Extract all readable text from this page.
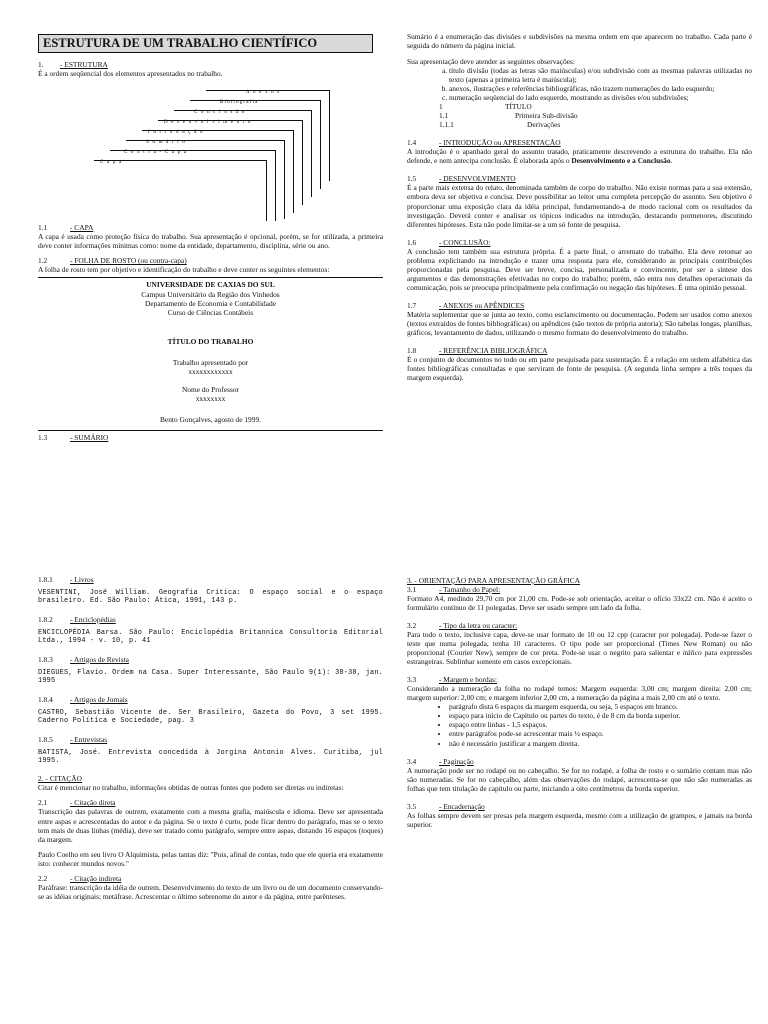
ESTRUTURA DE UM TRABALHO CIENTÍFICO
1.	- ESTRUTURA

É a ordem seqüencial dos elementos apresentados no trabalho.

A n e x o s
Bibliografia
C o n c l u s ã o
D e s e n v o l v i m e n t o
I n t r o d u ç ã o
S u m á r i o
C o n t r a - C a p a
C a p a
1.1	- CAPA

A capa é usada como proteção física do trabalho. Sua apresentação é opcional, porém, se for utilizada, a primeira deve conter informações mínimas como: nome da entidade, departamento, disciplina, série ou ano.

1.2	- FOLHA DE ROSTO (ou contra-capa)

A folha de rosto tem por objetivo e identificação do trabalho e deve conter os seguintes elementos:

UNIVERSIDADE DE CAXIAS DO SUL

Campus Universitário da Região dos Vinhedos

Departamento de Economia e Contabilidade

Curso de Ciências Contábeis

TÍTULO DO TRABALHO

Trabalho apresentado por

xxxxxxxxxxxx

Nome do Professor

xxxxxxxx

Bento Gonçalves, agosto de 1999.

1.3	- SUMÁRIO

Sumário é a enumeração das divisões e subdivisões na mesma ordem em que aparecem no trabalho. Cada parte é seguida do número da página inicial.

Sua apresentação deve atender as seguintes observações:

a. título divisão (todas as letras são maiúsculas) e/ou subdivisão com as mesmas palavras utilizadas no texto (apenas a primeira letra é maiúscula);
b. anexos, ilustrações e referências bibliográficas, não trazem numerações do lado esquerdo;
c. numeração seqüencial do lado esquerdo, mostrando as divisões e/ou subdivisões;
1	TÍTULO
1.1	Primeira Sub-divisão
1.1.1	Derivações
1.4	- INTRODUÇÃO ou APRESENTAÇÃO

A introdução é o apanhado geral do assunto tratado, praticamente descrevendo a estrutura do trabalho. Ela não defende, e nem antecipa conclusão. É elaborada após o Desenvolvimento e a Conclusão.

1.5	- DESENVOLVIMENTO

É a parte mais extensa do relato, denominada também de corpo do trabalho. Não existe normas para a sua extensão, embora deva ser objetiva e concisa. Deve possibilitar ao leitor uma completa percepção do assunto. Seu objetivo é proporcionar uma exposição clara da idéia principal, fundamentando-a de modo racional com os resultados da investigação. Deverá conter e analisar os tópicos indicados na introdução, destacando pormenores, discutindo diferentes hipóteses. Esta não pode limitar-se a um só fonte de pesquisa.

1.6	- CONCLUSÃO:

A conclusão tem também sua estrutura própria. É a parte final, o arremate do trabalho. Ela deve retomar ao problema explicitando na introdução e trazer uma resposta para ele, considerando as principais contribuições proporcionadas pela pesquisa. Deve ser breve, concisa, personalizada e convincente, por ser a síntese dos argumentos e das demonstrações efetivadas no corpo do trabalho; porém, não entra nos detalhes operacionais da comunicação, pois se preocupa principalmente pela confirmação ou negação das hipóteses. É uma opinião pessoal.

1.7	- ANEXOS ou APÊNDICES

Matéria suplementar que se junta ao texto, como esclarecimento ou documentação. Podem ser usados como anexos (textos extraídos de fontes bibliográficas) ou apêndices (são textos de própria autoria); São tabelas longas, planilhas, gráficos, levantamento de dados, utilizando o mesmo formato do desenvolvimento do trabalho.

1.8	- REFERÊNCIA BIBLIOGRÁFICA

É o conjunto de documentos no todo ou em parte pesquisada para sustentação. É a relação em ordem alfabética das fontes bibliográficas consultadas e que serviram de fonte de pesquisa. (A segunda linha sempre a três toques da margem esquerda).

1.8.1	- Livros

VESENTINI, José William. Geografia Crítica: O espaço social e o espaço brasileiro. Ed. São Paulo: Ática, 1991, 143 p.

1.8.2	- Enciclopédias

ENCICLOPÉDIA Barsa. São Paulo: Enciclopédia Britannica Consultoria Editorial Ltda., 1994 - v. 10, p. 41

1.8.3	- Artigos de Revista

DIEGUES, Flavio. Ordem na Casa. Super Interessante, São Paulo 9(1): 38-38, jan. 1995

1.8.4	- Artigos de Jornais

CASTRO, Sebastião Vicente de. Ser Brasileiro, Gazeta do Povo, 3 set 1995. Caderno Política e Sociedade, pag. 3

1.8.5	- Entrevistas

BATISTA, José. Entrevista concedida à Jorgina Antonio Alves. Curitiba, jul 1995.

2. - CITAÇÃO

Citar é mencionar no trabalho, informações obtidas de outras fontes que podem ser diretas ou indiretas:

2.1	- Citação direta

Transcrição das palavras de outrem, exatamente com a mesma grafia, maiúscula e idioma. Deve ser apresentada entre aspas e acrescentadas do autor e da página. Se o texto é curto, pode ficar dentro do parágrafo, mas se o texto tem mais de duas linhas (média), deve ser tratado como parágrafo, sempre entre aspas, distando 16 espaços (toques) da margem.

Paulo Coelho em seu livro O Alquimista, pelas tantas diz: "Pois, afinal de contas, tudo que ele queria era exatamente isto: conhecer mundos novos."

2.2	- Citação indireta

Paráfrase: transcrição da idéia de outrem. Desenvolvimento do texto de um livro ou de um documento conservando-se as idéias originais; metáfrase. Acrescentar o último sobrenome do autor e da página, entre parênteses.

3. - ORIENTAÇÃO PARA APRESENTAÇÃO GRÁFICA

3.1	- Tamanho do Papel:

Formato A4, medindo 29,70 cm por 21,00 cm. Pode-se sob orientação, aceitar o ofício 33x22 cm. Não é aceito o formulário contínuo de 11 polegadas. Deve ser usado sempre um lado da folha.

3.2	- Tipo da letra ou caracter:

Para todo o texto, inclusive capa, deve-se usar formato de 10 ou 12 cpp (caracter por polegada). Pode-se fazer o teste que numa polegada, tenha 10 caracteres. O tipo pode ser proporcional (Times New Roman) ou não proporcional (Courier New), sempre de cor preta. Pode-se usar o negrito para salientar e itálico para expressões estrangeiras. Sublinhar somente em casos excepcionais.

3.3	- Margem e bordas:

Considerando a numeração da folha no rodapé temos: Margem esquerda: 3,00 cm; margem direita: 2,00 cm; margem superior: 2,00 cm; e margem inferior 2,00 cm, a numeração da página a mais 2,00 cm até o texto.

• parágrafo dista 6 espaços da margem esquerda, ou seja, 5 espaços em branco.
• espaço para início de Capítulo ou partes do texto, é de 8 cm da borda superior.
• espaço entre linhas - 1,5 espaços.
• entre parágrafos pode-se acrescentar mais ½ espaço.
• não é necessário justificar a margem direita.
3.4	- Paginação

A numeração pode ser no rodapé ou no cabeçalho. Se for no rodapé, a folha de rosto e o sumário contam mas não são numeradas. Se for no cabeçalho, além das observações do rodapé, acrescenta-se que não são numeradas as folhas que tem titulação de capítulo ou parte, iniciando a oito centímetros da borda superior.

3.5	- Encadernação

As folhas sempre devem ser presas pela margem esquerda, mesmo com a utilização de grampos, e jamais na borda superior.
